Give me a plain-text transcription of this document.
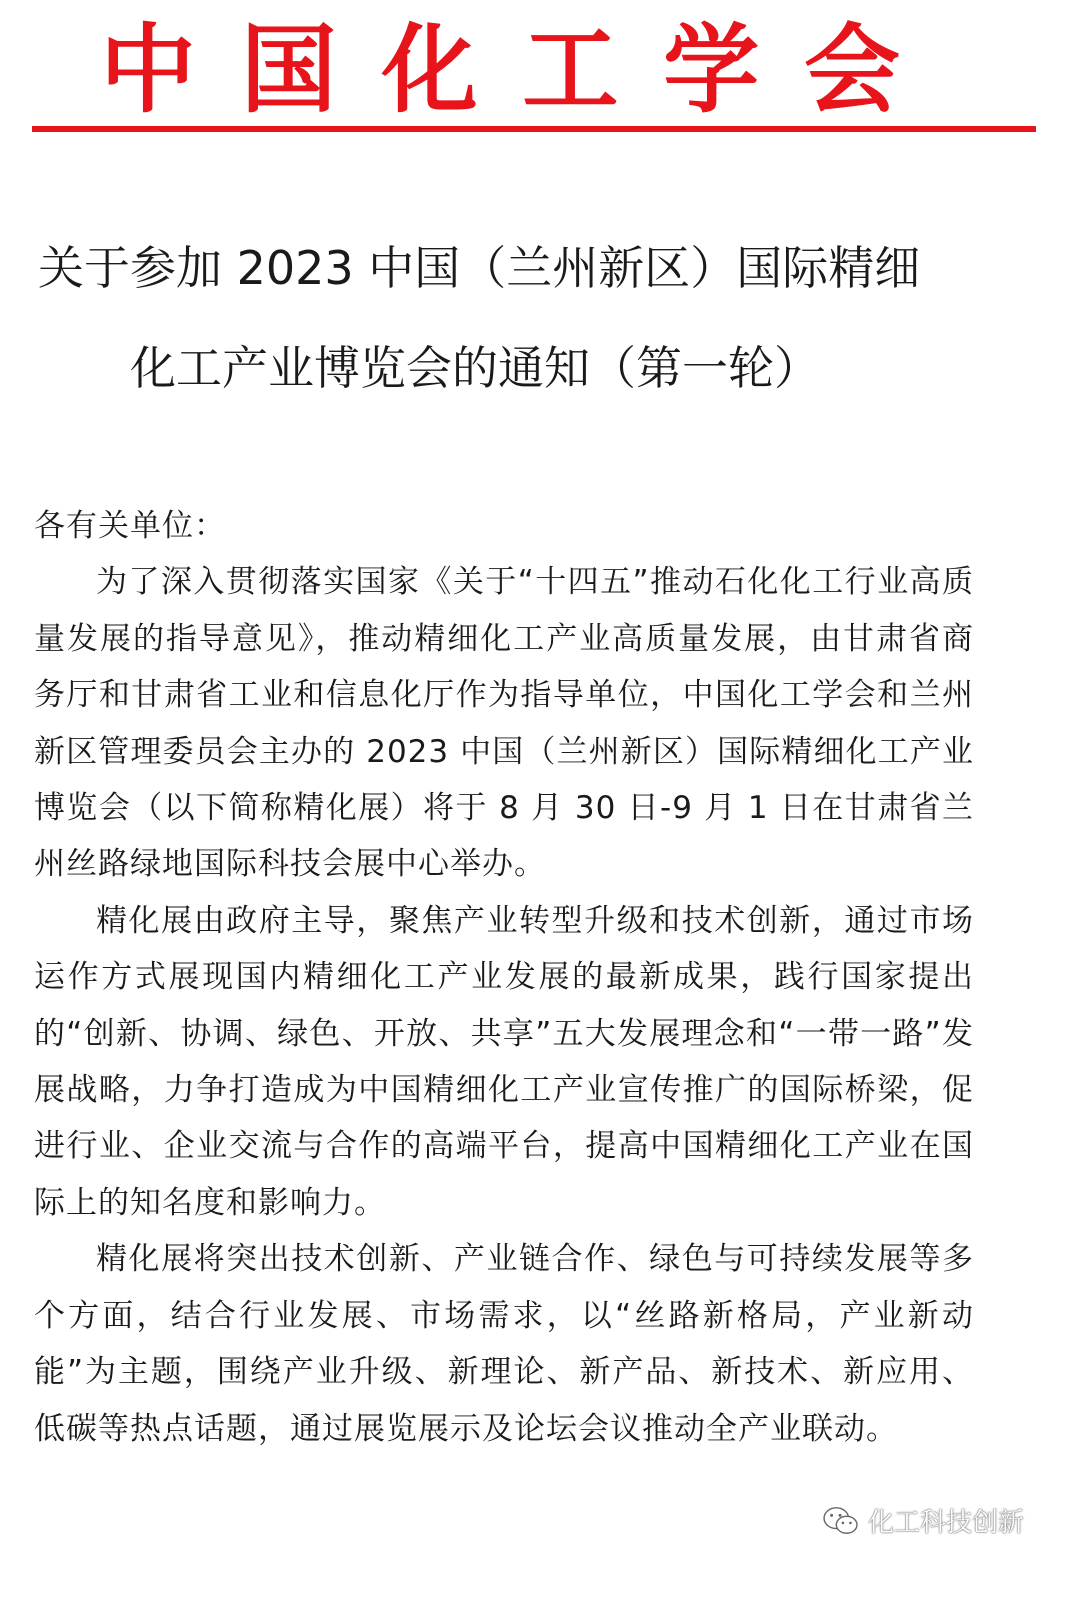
中 国 化 工 学 会
关于参加 2023 中国（兰州新区）国际精细
化工产业博览会的通知（第一轮）

各有关单位：

为了深入贯彻落实国家《关于“十四五”推动石化化工行业高质量发展的指导意见》，推动精细化工产业高质量发展，由甘肃省商务厅和甘肃省工业和信息化厅作为指导单位，中国化工学会和兰州新区管理委员会主办的 2023 中国（兰州新区）国际精细化工产业博览会（以下简称精化展）将于 8 月 30 日-9 月 1 日在甘肃省兰州丝路绿地国际科技会展中心举办。

精化展由政府主导，聚焦产业转型升级和技术创新，通过市场运作方式展现国内精细化工产业发展的最新成果，践行国家提出的“创新、协调、绿色、开放、共享”五大发展理念和“一带一路”发展战略，力争打造成为中国精细化工产业宣传推广的国际桥梁，促进行业、企业交流与合作的高端平台，提高中国精细化工产业在国际上的知名度和影响力。

精化展将突出技术创新、产业链合作、绿色与可持续发展等多个方面，结合行业发展、市场需求，以“丝路新格局，产业新动能”为主题，围绕产业升级、新理论、新产品、新技术、新应用、低碳等热点话题，通过展览展示及论坛会议推动全产业联动。

化工科技创新
